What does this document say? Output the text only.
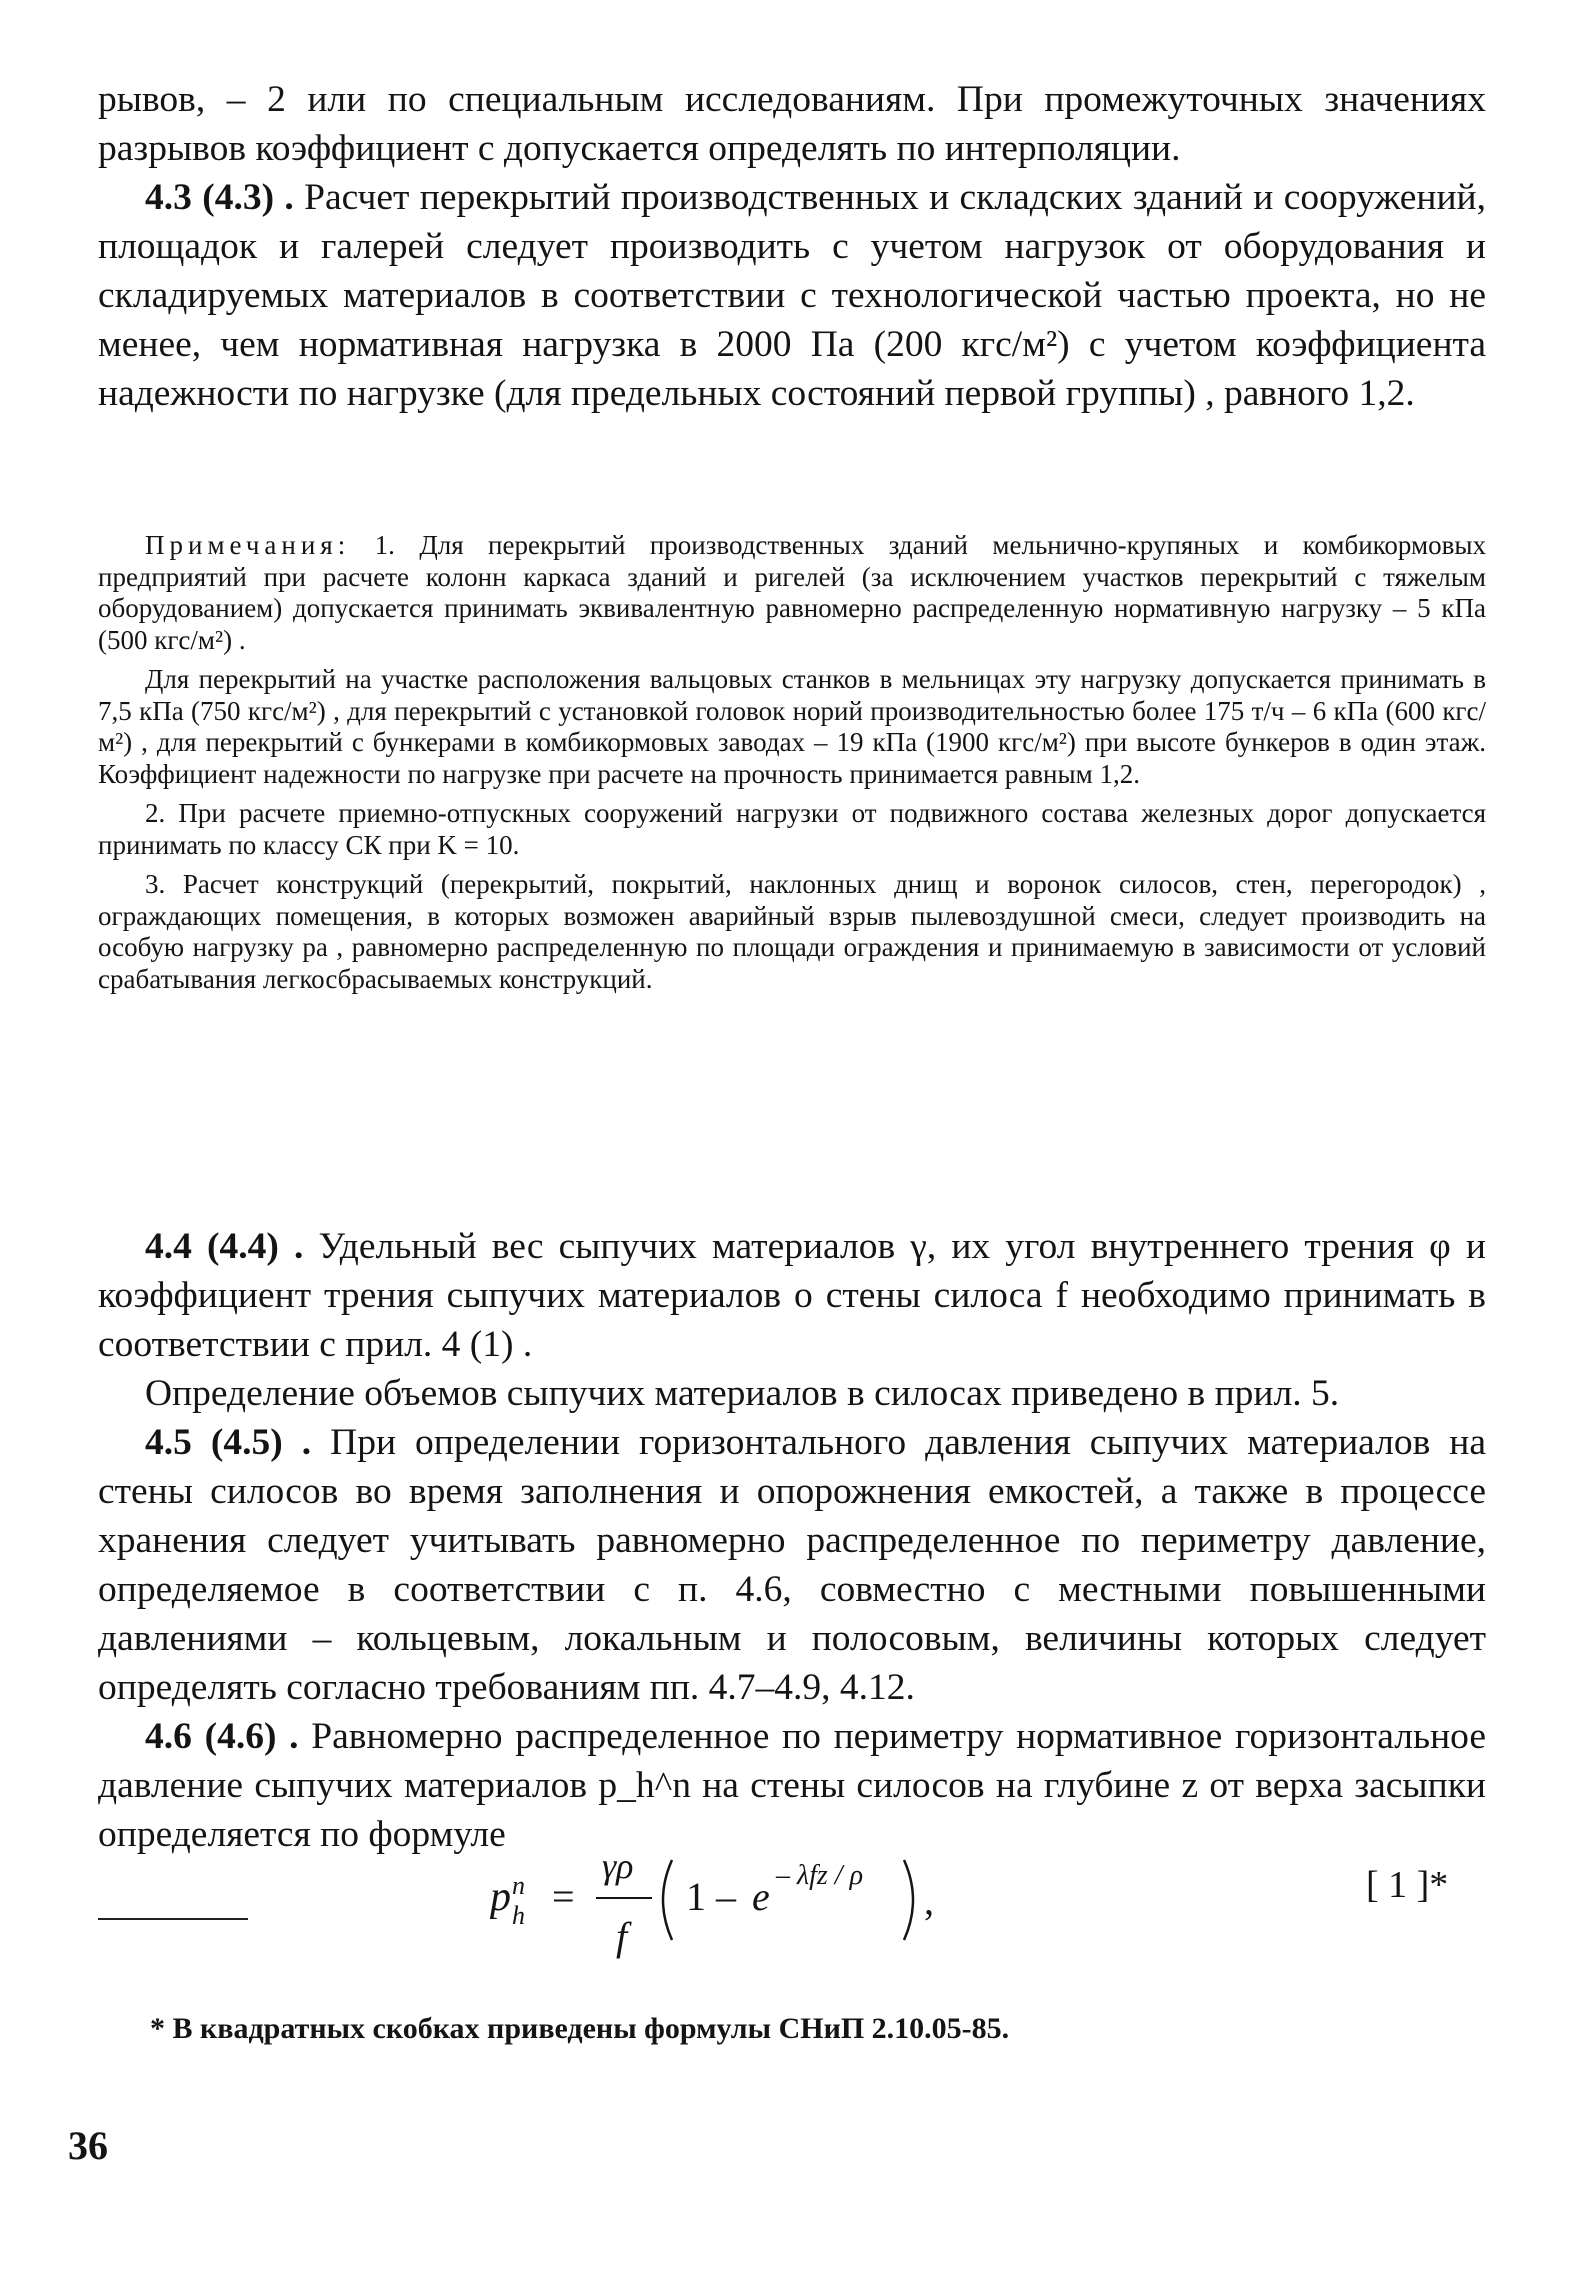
рывов, – 2 или по специальным исследованиям. При промежуточных значениях разрывов коэффициент с допускается определять по интерполяции.

4.3 (4.3) . Расчет перекрытий производственных и складских зданий и сооружений, площадок и галерей следует производить с учетом нагрузок от оборудования и складируемых материалов в соответствии с технологической частью проекта, но не менее, чем нормативная нагрузка в 2000 Па (200 кгс/м²) с учетом коэффициента надежности по нагрузке (для предельных состояний первой группы) , равного 1,2.

Примечания: 1. Для перекрытий производственных зданий мельнично-крупяных и комбикормовых предприятий при расчете колонн каркаса зданий и ригелей (за исключением участков перекрытий с тяжелым оборудованием) допускается принимать эквивалентную равномерно распределенную нормативную нагрузку – 5 кПа (500 кгс/м²) .

Для перекрытий на участке расположения вальцовых станков в мельницах эту нагрузку допускается принимать в 7,5 кПа (750 кгс/м²) , для перекрытий с установкой головок норий производительностью более 175 т/ч – 6 кПа (600 кгс/м²) , для перекрытий с бункерами в комбикормовых заводах – 19 кПа (1900 кгс/м²) при высоте бункеров в один этаж. Коэффициент надежности по нагрузке при расчете на прочность принимается равным 1,2.

2. При расчете приемно-отпускных сооружений нагрузки от подвижного состава железных дорог допускается принимать по классу СК при K = 10.

3. Расчет конструкций (перекрытий, покрытий, наклонных днищ и воронок силосов, стен, перегородок) , ограждающих помещения, в которых возможен аварийный взрыв пылевоздушной смеси, следует производить на особую нагрузку pa , равномерно распределенную по площади ограждения и принимаемую в зависимости от условий срабатывания легкосбрасываемых конструкций.

4.4 (4.4) . Удельный вес сыпучих материалов γ, их угол внутреннего трения φ и коэффициент трения сыпучих материалов о стены силоса f необходимо принимать в соответствии с прил. 4 (1) .

Определение объемов сыпучих материалов в силосах приведено в прил. 5.

4.5 (4.5) . При определении горизонтального давления сыпучих материалов на стены силосов во время заполнения и опорожнения емкостей, а также в процессе хранения следует учитывать равномерно распределенное по периметру давление, определяемое в соответствии с п. 4.6, совместно с местными повышенными давлениями – кольцевым, локальным и полосовым, величины которых следует определять согласно требованиям пп. 4.7–4.9, 4.12.

4.6 (4.6) . Равномерно распределенное по периметру нормативное горизонтальное давление сыпучих материалов p_h^n на стены силосов на глубине z от верха засыпки определяется по формуле

p n
h =
γρ
f
1 – e – λfz / ρ
,	[ 1 ]*
* В квадратных скобках приведены формулы СНиП 2.10.05-85.
36
